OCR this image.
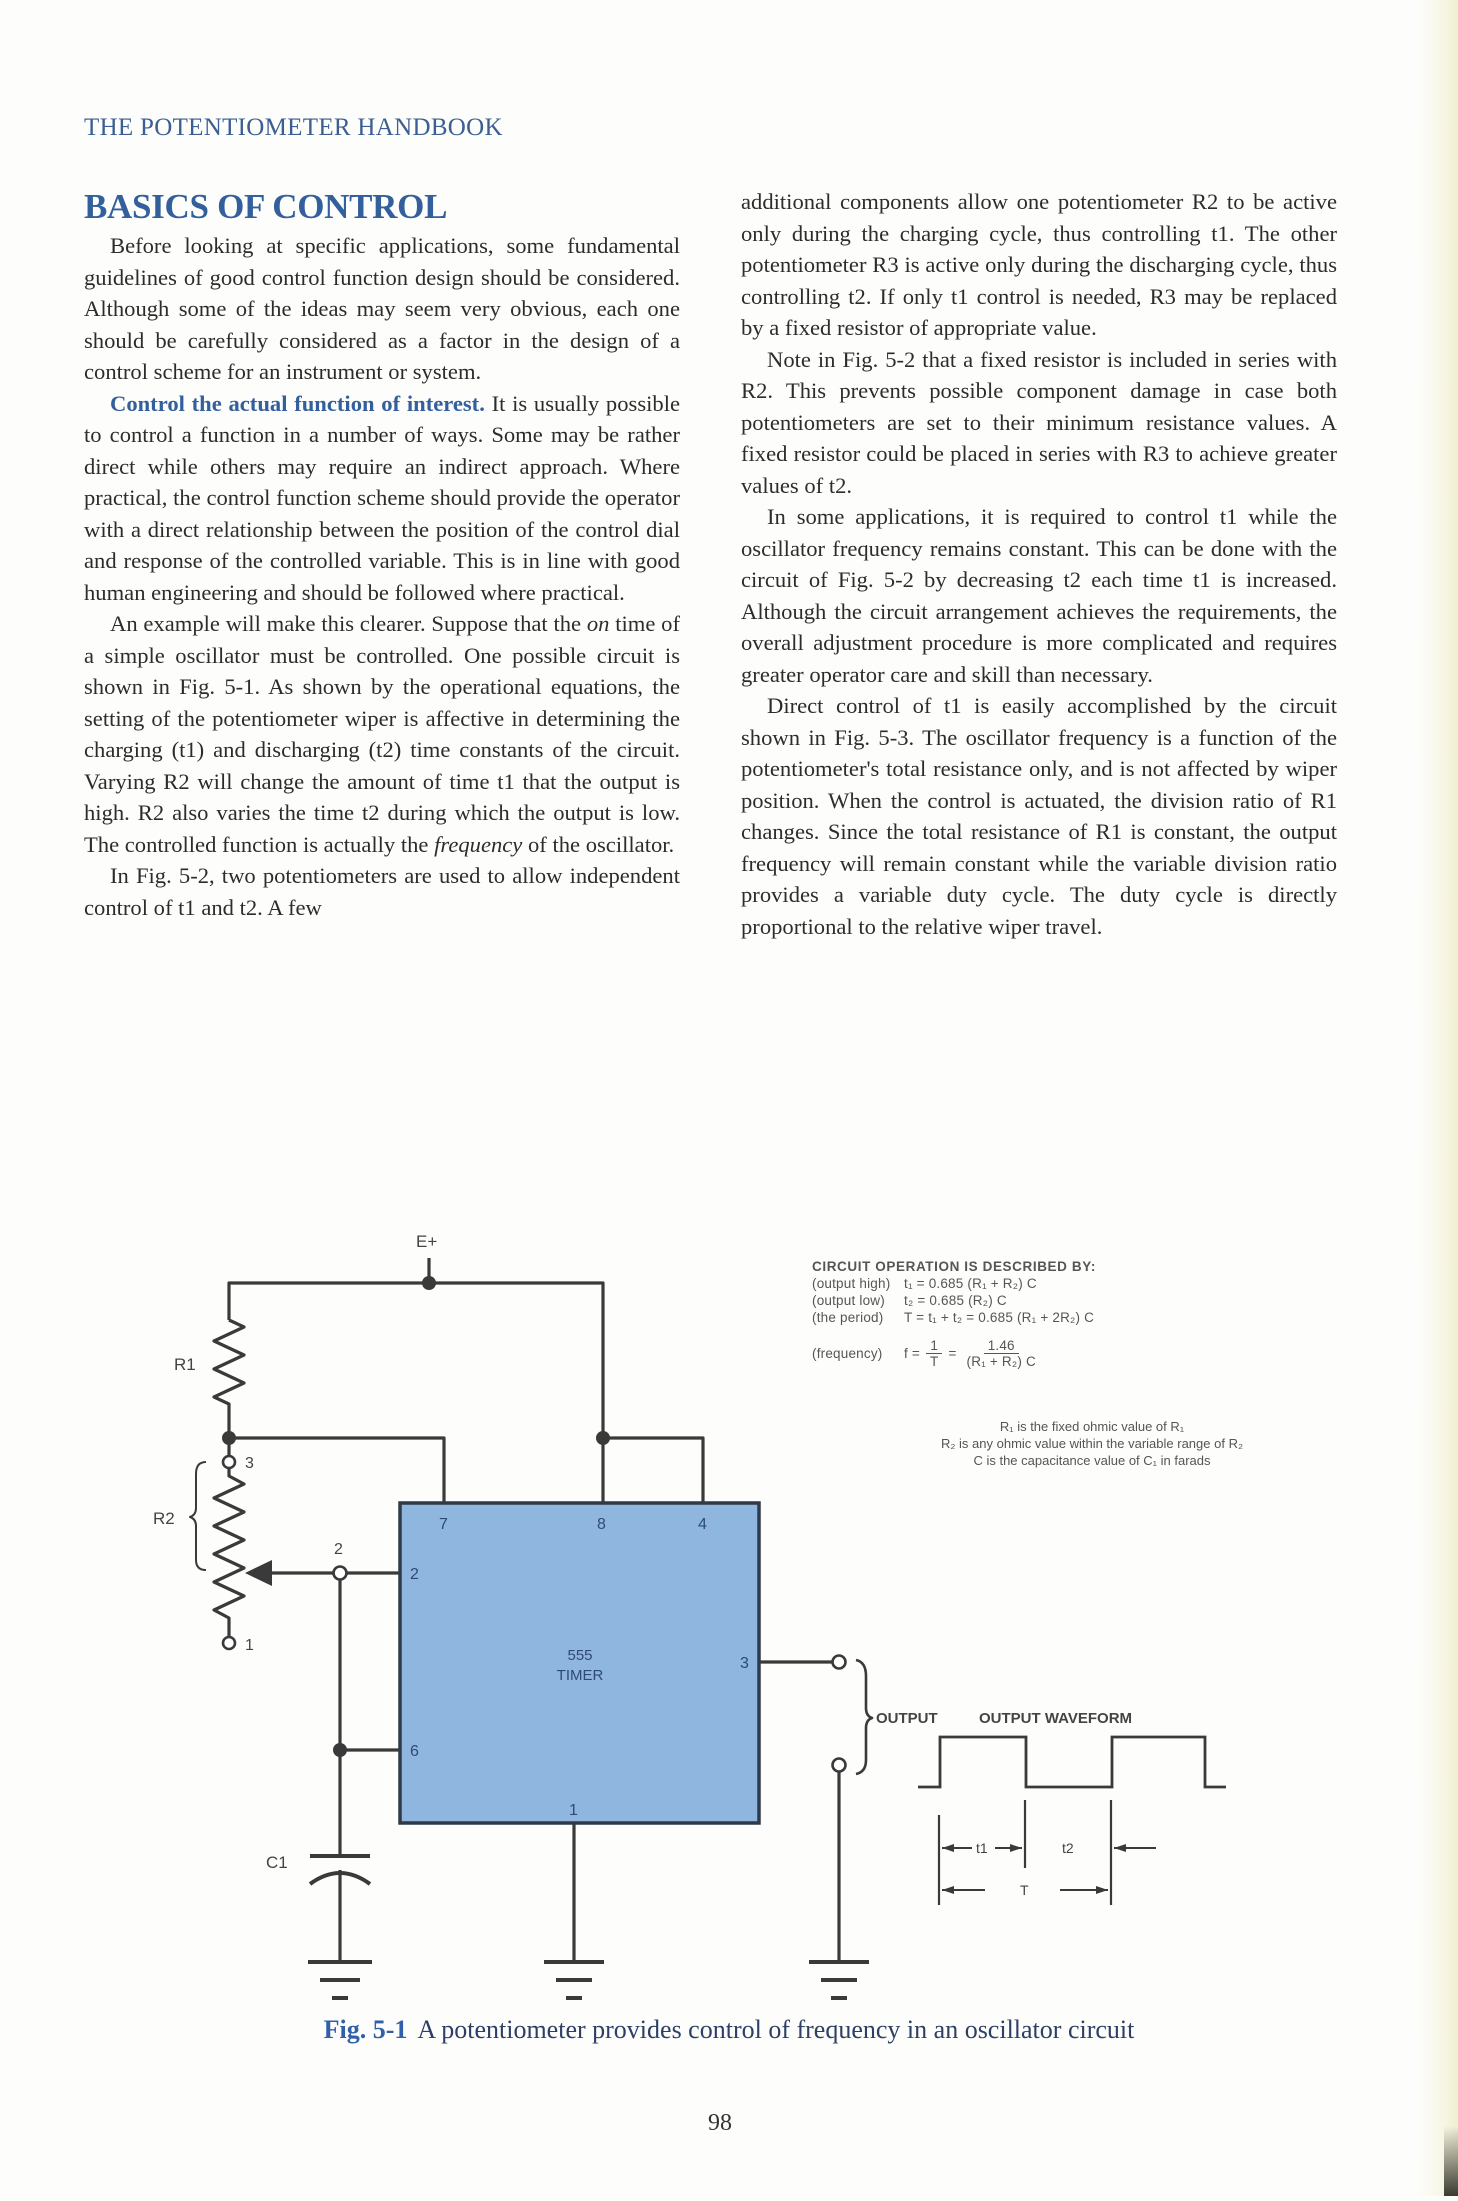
THE POTENTIOMETER HANDBOOK
BASICS OF CONTROL

Before looking at specific applications, some fundamental guidelines of good control function design should be considered. Although some of the ideas may seem very obvious, each one should be carefully considered as a factor in the design of a control scheme for an instrument or system.

Control the actual function of interest. It is usually possible to control a function in a number of ways. Some may be rather direct while others may require an indirect approach. Where practical, the control function scheme should provide the operator with a direct relationship between the position of the control dial and response of the controlled variable. This is in line with good human engineering and should be followed where practical.

An example will make this clearer. Suppose that the on time of a simple oscillator must be controlled. One possible circuit is shown in Fig. 5-1. As shown by the operational equations, the setting of the potentiometer wiper is affective in determining the charging (t1) and discharging (t2) time constants of the circuit. Varying R2 will change the amount of time t1 that the output is high. R2 also varies the time t2 during which the output is low. The controlled function is actually the frequency of the oscillator.

In Fig. 5-2, two potentiometers are used to allow independent control of t1 and t2. A few

additional components allow one potentiometer R2 to be active only during the charging cycle, thus controlling t1. The other potentiometer R3 is active only during the discharging cycle, thus controlling t2. If only t1 control is needed, R3 may be replaced by a fixed resistor of appropriate value.

Note in Fig. 5-2 that a fixed resistor is included in series with R2. This prevents possible component damage in case both potentiometers are set to their minimum resistance values. A fixed resistor could be placed in series with R3 to achieve greater values of t2.

In some applications, it is required to control t1 while the oscillator frequency remains constant. This can be done with the circuit of Fig. 5-2 by decreasing t2 each time t1 is increased. Although the circuit arrangement achieves the requirements, the overall adjustment procedure is more complicated and requires greater operator care and skill than necessary.

Direct control of t1 is easily accomplished by the circuit shown in Fig. 5-3. The oscillator frequency is a function of the potentiometer's total resistance only, and is not affected by wiper position. When the control is actuated, the division ratio of R1 changes. Since the total resistance of R1 is constant, the output frequency will remain constant while the variable division ratio provides a variable duty cycle. The duty cycle is directly proportional to the relative wiper travel.

E+
R1
R2
C1
3
1
2
7	8	4
2
6
3
1
555
TIMER
OUTPUT	OUTPUT WAVEFORM
t1	t2
T
CIRCUIT OPERATION IS DESCRIBED BY:
(output high) t₁ = 0.685 (R₁ + R₂) C
(output low) t₂ = 0.685 (R₂) C
(the period) T = t₁ + t₂ = 0.685 (R₁ + 2R₂) C
(frequency)	$f = \frac{1}{T} = \frac{1.46}{\text{(R₁ + R₂) C}}$
R₁ is the fixed ohmic value of R₁
R₂ is any ohmic value within the variable range of R₂
C is the capacitance value of C₁ in farads
Fig. 5-1 A potentiometer provides control of frequency in an oscillator circuit
98
